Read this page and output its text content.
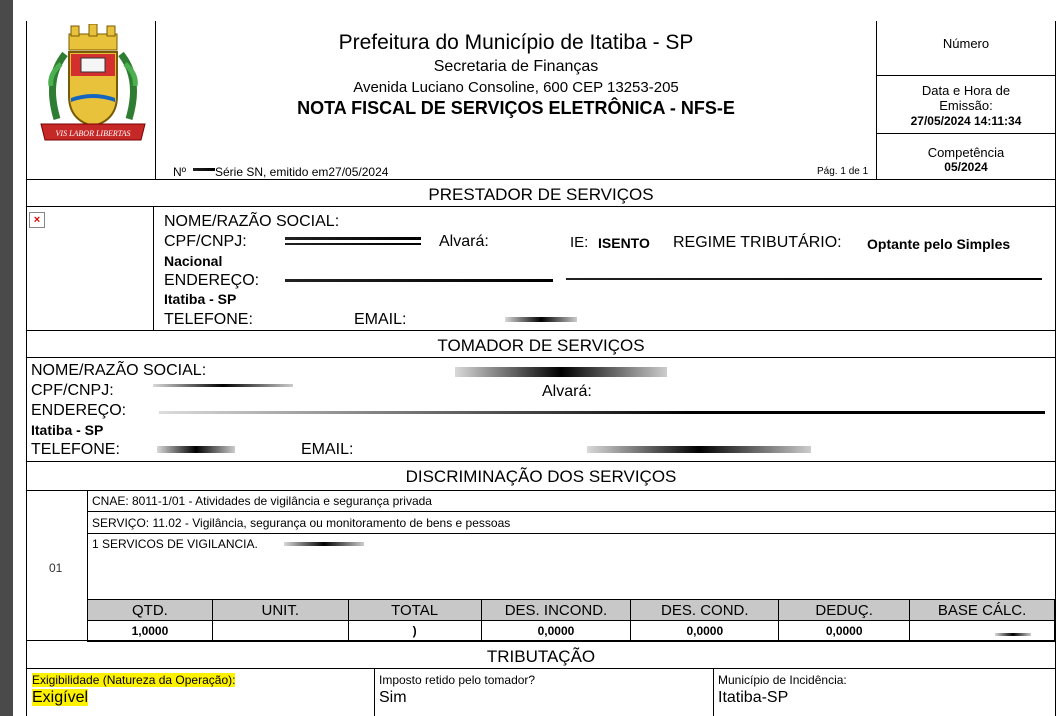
VIS LABOR LIBERTAS
Prefeitura do Município de Itatiba - SP
Secretaria de Finanças
Avenida Luciano Consoline, 600 CEP 13253-205
NOTA FISCAL DE SERVIÇOS ELETRÔNICA - NFS-E
Nº Série SN, emitido em27/05/2024	Pág. 1 de 1
Número
Data e Hora de
Emissão:
27/05/2024 14:11:34
Competência
05/2024
PRESTADOR DE SERVIÇOS
×	NOME/RAZÃO SOCIAL:
CPF/CNPJ:	Alvará:	IE: ISENTO REGIME TRIBUTÁRIO: Optante pelo Simples
Nacional
ENDEREÇO:
Itatiba - SP
TELEFONE:	EMAIL:
TOMADOR DE SERVIÇOS
NOME/RAZÃO SOCIAL:
CPF/CNPJ:	Alvará:
ENDEREÇO:
Itatiba - SP
TELEFONE:	EMAIL:
DISCRIMINAÇÃO DOS SERVIÇOS
01
CNAE: 8011-1/01 - Atividades de vigilância e segurança privada
SERVIÇO: 11.02 - Vigilância, segurança ou monitoramento de bens e pessoas
1 SERVICOS DE VIGILANCIA.
QTD.	UNIT.	TOTAL	DES. INCOND.	DES. COND.	DEDUÇ.	BASE CÁLC.
1,0000		)	0,0000	0,0000	0,0000	
TRIBUTAÇÃO
Exigibilidade (Natureza da Operação):
Exigível
Imposto retido pelo tomador?
Sim
Município de Incidência:
Itatiba-SP
